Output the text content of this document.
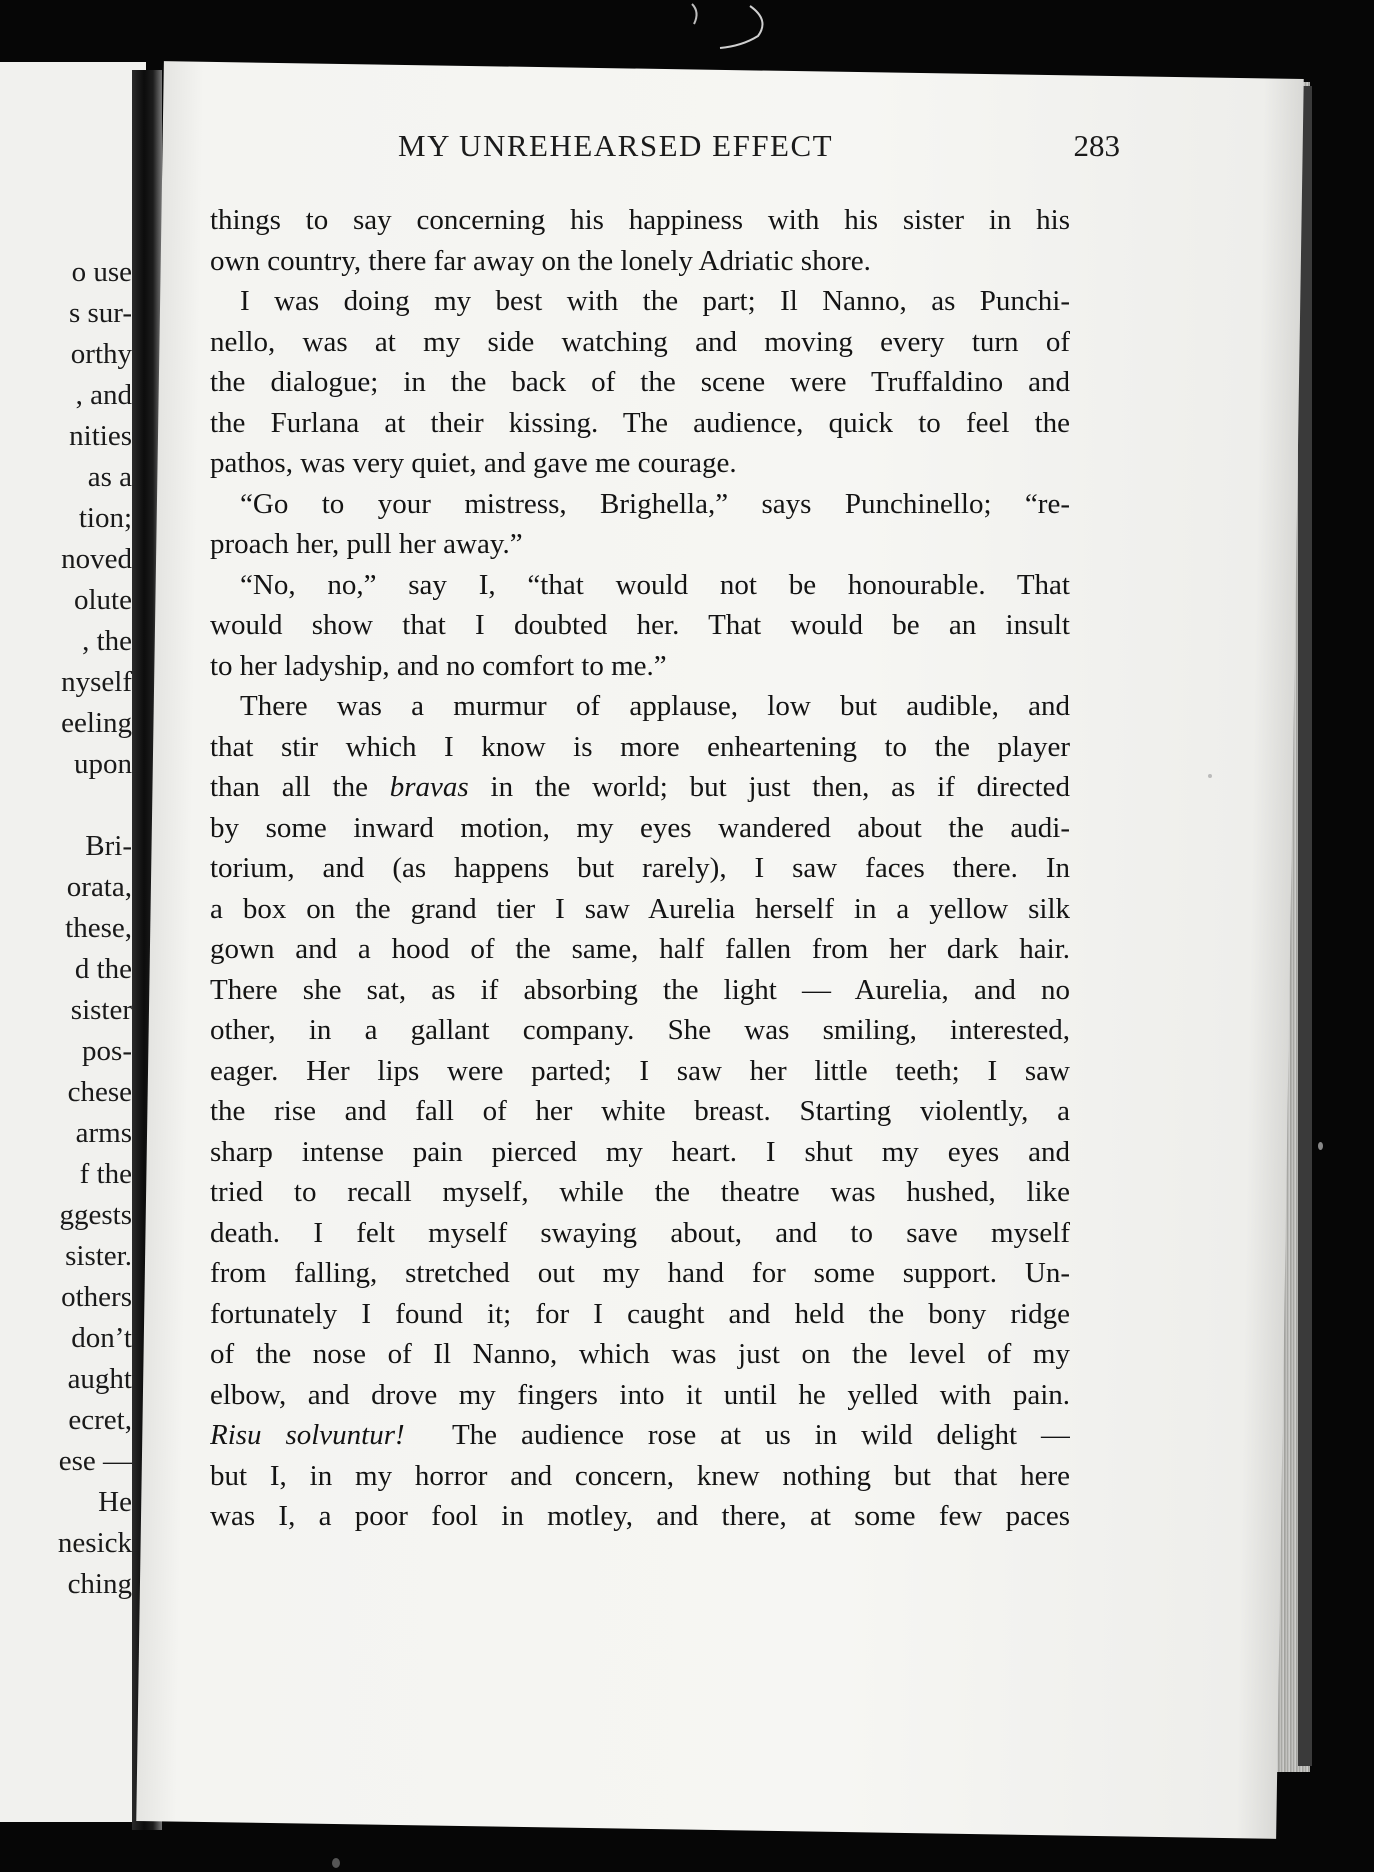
o use
s sur-
orthy
, and
nities
as a
tion;
noved
olute
, the
nyself
eeling
upon
Bri-
orata,
these,
d the
sister
pos-
chese
arms
f the
ggests
sister.
others
don’t
aught
ecret,
ese —
He
nesick
ching
MY UNREHEARSED EFFECT	283
things to say concerning his happiness with his sister in his
own country, there far away on the lonely Adriatic shore.
I was doing my best with the part; Il Nanno, as Punchi-
nello, was at my side watching and moving every turn of
the dialogue; in the back of the scene were Truffaldino and
the Furlana at their kissing. The audience, quick to feel the
pathos, was very quiet, and gave me courage.
“Go to your mistress, Brighella,” says Punchinello; “re-
proach her, pull her away.”
“No, no,” say I, “that would not be honourable. That
would show that I doubted her. That would be an insult
to her ladyship, and no comfort to me.”
There was a murmur of applause, low but audible, and
that stir which I know is more enheartening to the player
than all the bravas in the world; but just then, as if directed
by some inward motion, my eyes wandered about the audi-
torium, and (as happens but rarely), I saw faces there. In
a box on the grand tier I saw Aurelia herself in a yellow silk
gown and a hood of the same, half fallen from her dark hair.
There she sat, as if absorbing the light — Aurelia, and no
other, in a gallant company. She was smiling, interested,
eager. Her lips were parted; I saw her little teeth; I saw
the rise and fall of her white breast. Starting violently, a
sharp intense pain pierced my heart. I shut my eyes and
tried to recall myself, while the theatre was hushed, like
death. I felt myself swaying about, and to save myself
from falling, stretched out my hand for some support. Un-
fortunately I found it; for I caught and held the bony ridge
of the nose of Il Nanno, which was just on the level of my
elbow, and drove my fingers into it until he yelled with pain.
Risu solvuntur! The audience rose at us in wild delight —
but I, in my horror and concern, knew nothing but that here
was I, a poor fool in motley, and there, at some few paces
